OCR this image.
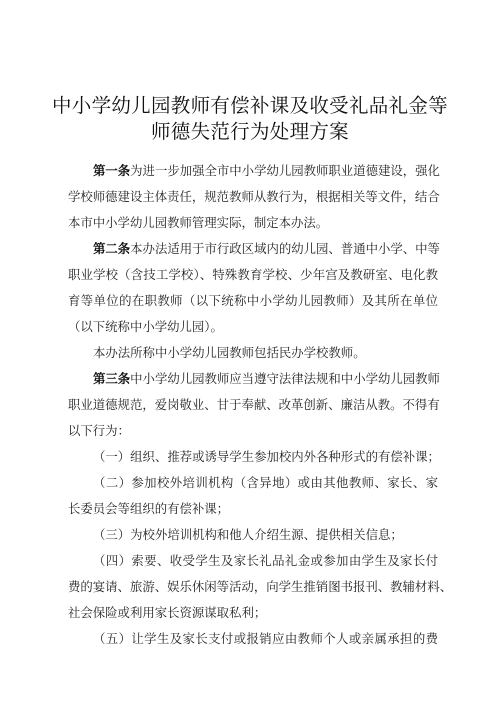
中小学幼儿园教师有偿补课及收受礼品礼金等
师德失范行为处理方案
第一条为进一步加强全市中小学幼儿园教师职业道德建设，强化
学校师德建设主体责任，规范教师从教行为，根据相关等文件，结合
本市中小学幼儿园教师管理实际，制定本办法。
第二条本办法适用于市行政区域内的幼儿园、普通中小学、中等
职业学校（含技工学校）、特殊教育学校、少年宫及教研室、电化教
育等单位的在职教师（以下统称中小学幼儿园教师）及其所在单位
（以下统称中小学幼儿园）。
本办法所称中小学幼儿园教师包括民办学校教师。
第三条中小学幼儿园教师应当遵守法律法规和中小学幼儿园教师
职业道德规范，爱岗敬业、甘于奉献、改革创新、廉洁从教。不得有
以下行为：
（一）组织、推荐或诱导学生参加校内外各种形式的有偿补课；
（二）参加校外培训机构（含异地）或由其他教师、家长、家
长委员会等组织的有偿补课；
（三）为校外培训机构和他人介绍生源、提供相关信息；
（四）索要、收受学生及家长礼品礼金或参加由学生及家长付
费的宴请、旅游、娱乐休闲等活动，向学生推销图书报刊、教辅材料、
社会保险或利用家长资源谋取私利；
（五）让学生及家长支付或报销应由教师个人或亲属承担的费
